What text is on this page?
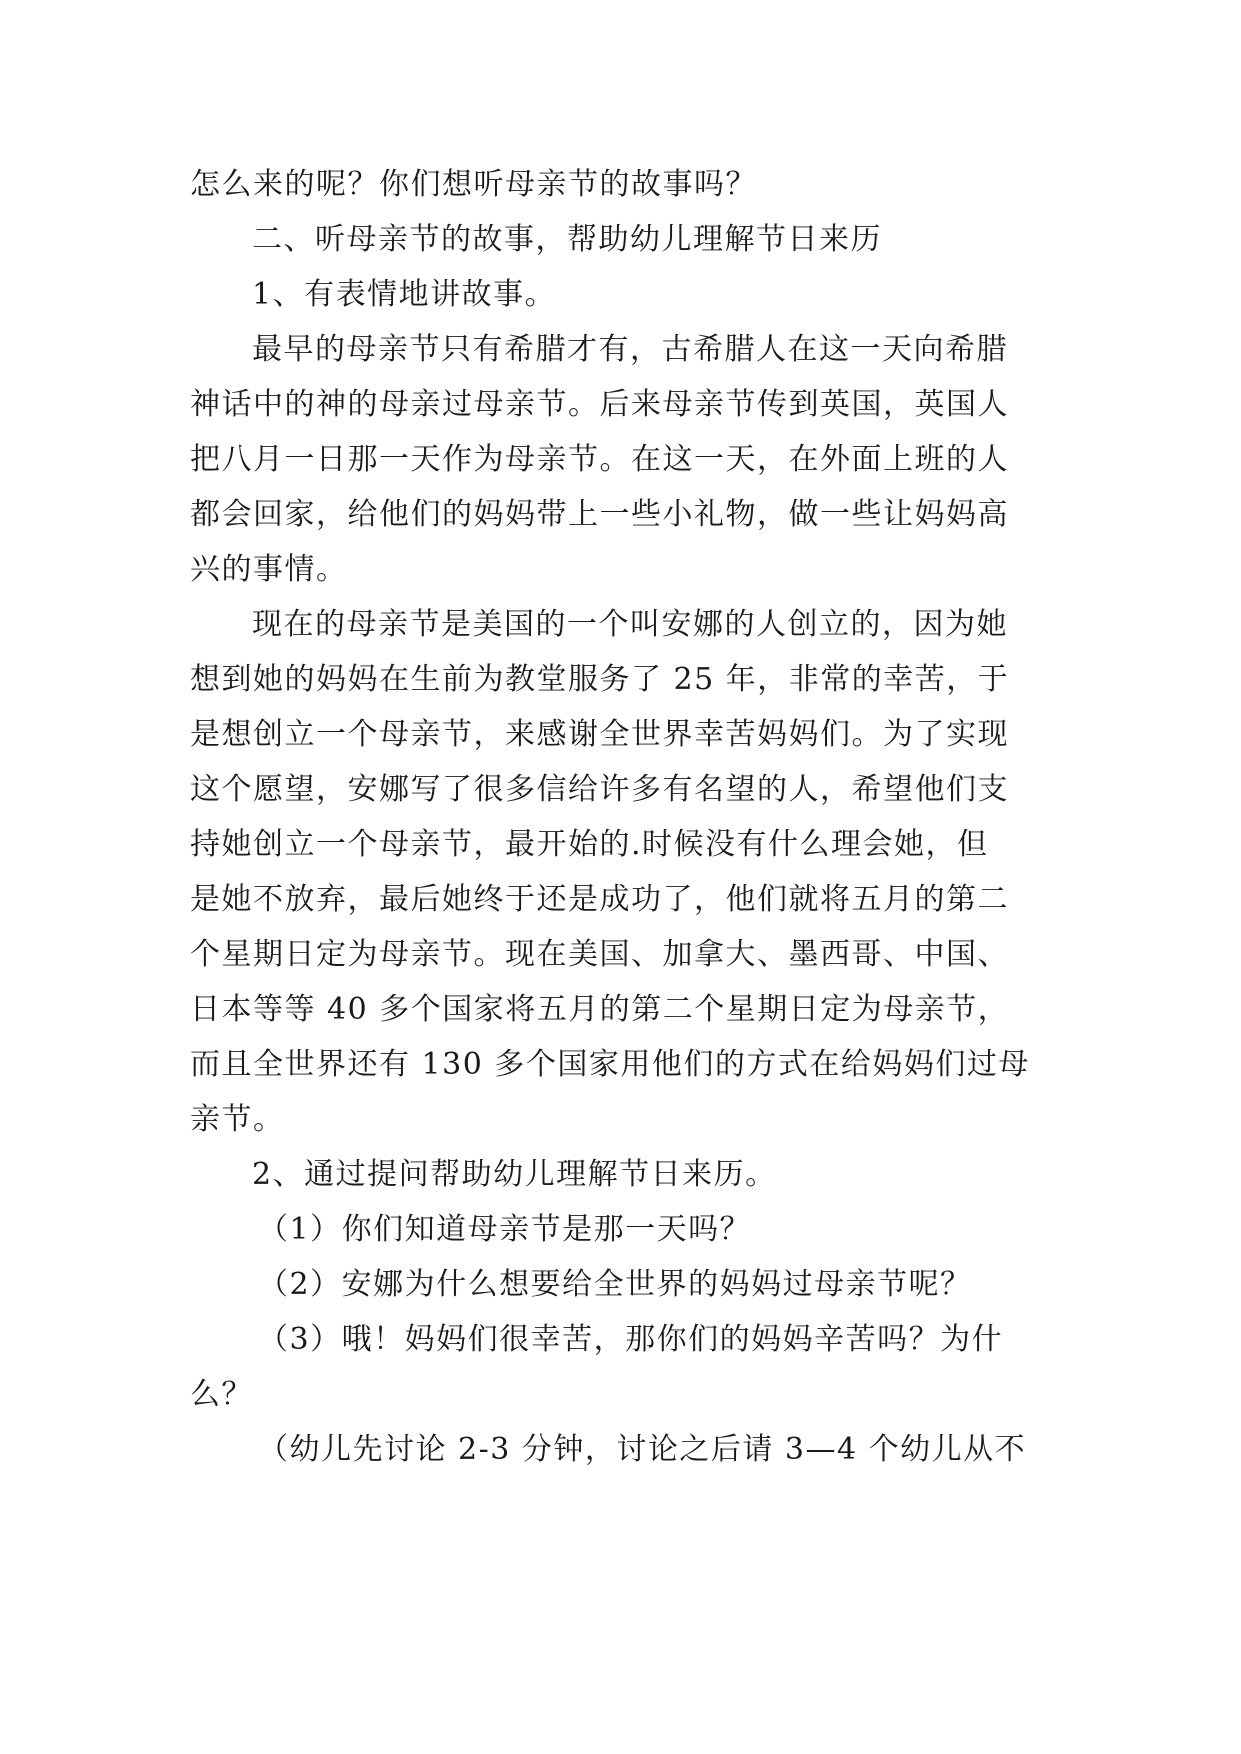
怎么来的呢？你们想听母亲节的故事吗？
二、听母亲节的故事，帮助幼儿理解节日来历
1、有表情地讲故事。
最早的母亲节只有希腊才有，古希腊人在这一天向希腊
神话中的神的母亲过母亲节。后来母亲节传到英国，英国人
把八月一日那一天作为母亲节。在这一天，在外面上班的人
都会回家，给他们的妈妈带上一些小礼物，做一些让妈妈高
兴的事情。
现在的母亲节是美国的一个叫安娜的人创立的，因为她
想到她的妈妈在生前为教堂服务了 25 年，非常的幸苦，于
是想创立一个母亲节，来感谢全世界幸苦妈妈们。为了实现
这个愿望，安娜写了很多信给许多有名望的人，希望他们支
持她创立一个母亲节，最开始的.时候没有什么理会她，但
是她不放弃，最后她终于还是成功了，他们就将五月的第二
个星期日定为母亲节。现在美国、加拿大、墨西哥、中国、
日本等等 40 多个国家将五月的第二个星期日定为母亲节，
而且全世界还有 130 多个国家用他们的方式在给妈妈们过母
亲节。
2、通过提问帮助幼儿理解节日来历。
（1）你们知道母亲节是那一天吗？
（2）安娜为什么想要给全世界的妈妈过母亲节呢？
（3）哦！妈妈们很幸苦，那你们的妈妈辛苦吗？为什
么？
（幼儿先讨论 2-3 分钟，讨论之后请 3—4 个幼儿从不
